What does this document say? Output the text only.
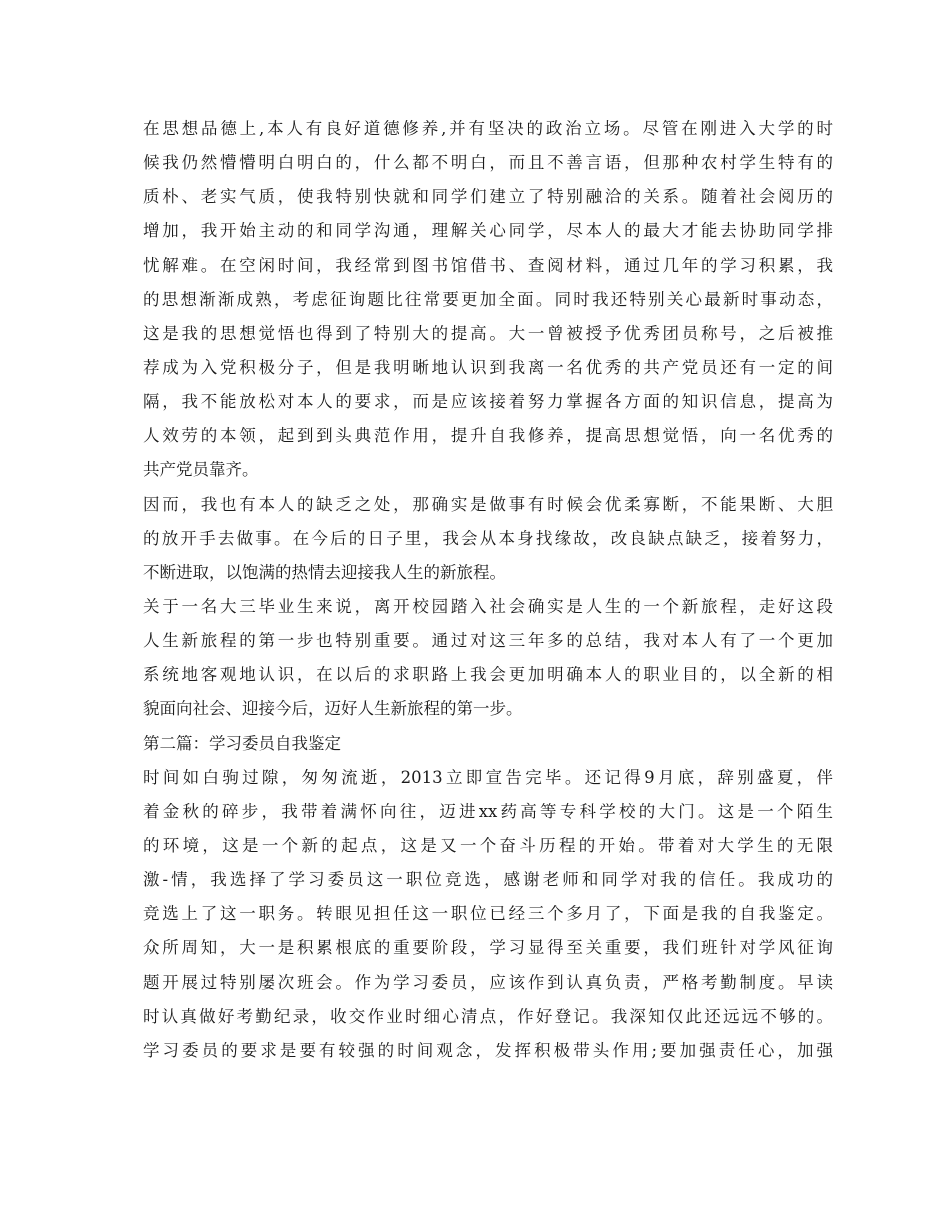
在思想品德上,本人有良好道德修养,并有坚决的政治立场。尽管在刚进入大学的时
候我仍然懵懵明白明白的，什么都不明白，而且不善言语，但那种农村学生特有的
质朴、老实气质，使我特别快就和同学们建立了特别融洽的关系。随着社会阅历的
增加，我开始主动的和同学沟通，理解关心同学，尽本人的最大才能去协助同学排
忧解难。在空闲时间，我经常到图书馆借书、查阅材料，通过几年的学习积累，我
的思想渐渐成熟，考虑征询题比往常要更加全面。同时我还特别关心最新时事动态，
这是我的思想觉悟也得到了特别大的提高。大一曾被授予优秀团员称号，之后被推
荐成为入党积极分子，但是我明晰地认识到我离一名优秀的共产党员还有一定的间
隔，我不能放松对本人的要求，而是应该接着努力掌握各方面的知识信息，提高为
人效劳的本领，起到到头典范作用，提升自我修养，提高思想觉悟，向一名优秀的
共产党员靠齐。
因而，我也有本人的缺乏之处，那确实是做事有时候会优柔寡断，不能果断、大胆
的放开手去做事。在今后的日子里，我会从本身找缘故，改良缺点缺乏，接着努力，
不断进取，以饱满的热情去迎接我人生的新旅程。
关于一名大三毕业生来说，离开校园踏入社会确实是人生的一个新旅程，走好这段
人生新旅程的第一步也特别重要。通过对这三年多的总结，我对本人有了一个更加
系统地客观地认识，在以后的求职路上我会更加明确本人的职业目的，以全新的相
貌面向社会、迎接今后，迈好人生新旅程的第一步。
第二篇：学习委员自我鉴定
时间如白驹过隙，匆匆流逝，2013立即宣告完毕。还记得9月底，辞别盛夏，伴
着金秋的碎步，我带着满怀向往，迈进xx药高等专科学校的大门。这是一个陌生
的环境，这是一个新的起点，这是又一个奋斗历程的开始。带着对大学生的无限
激-情，我选择了学习委员这一职位竞选，感谢老师和同学对我的信任。我成功的
竞选上了这一职务。转眼见担任这一职位已经三个多月了，下面是我的自我鉴定。
众所周知，大一是积累根底的重要阶段，学习显得至关重要，我们班针对学风征询
题开展过特别屡次班会。作为学习委员，应该作到认真负责，严格考勤制度。早读
时认真做好考勤纪录，收交作业时细心清点，作好登记。我深知仅此还远远不够的。
学习委员的要求是要有较强的时间观念，发挥积极带头作用;要加强责任心，加强
